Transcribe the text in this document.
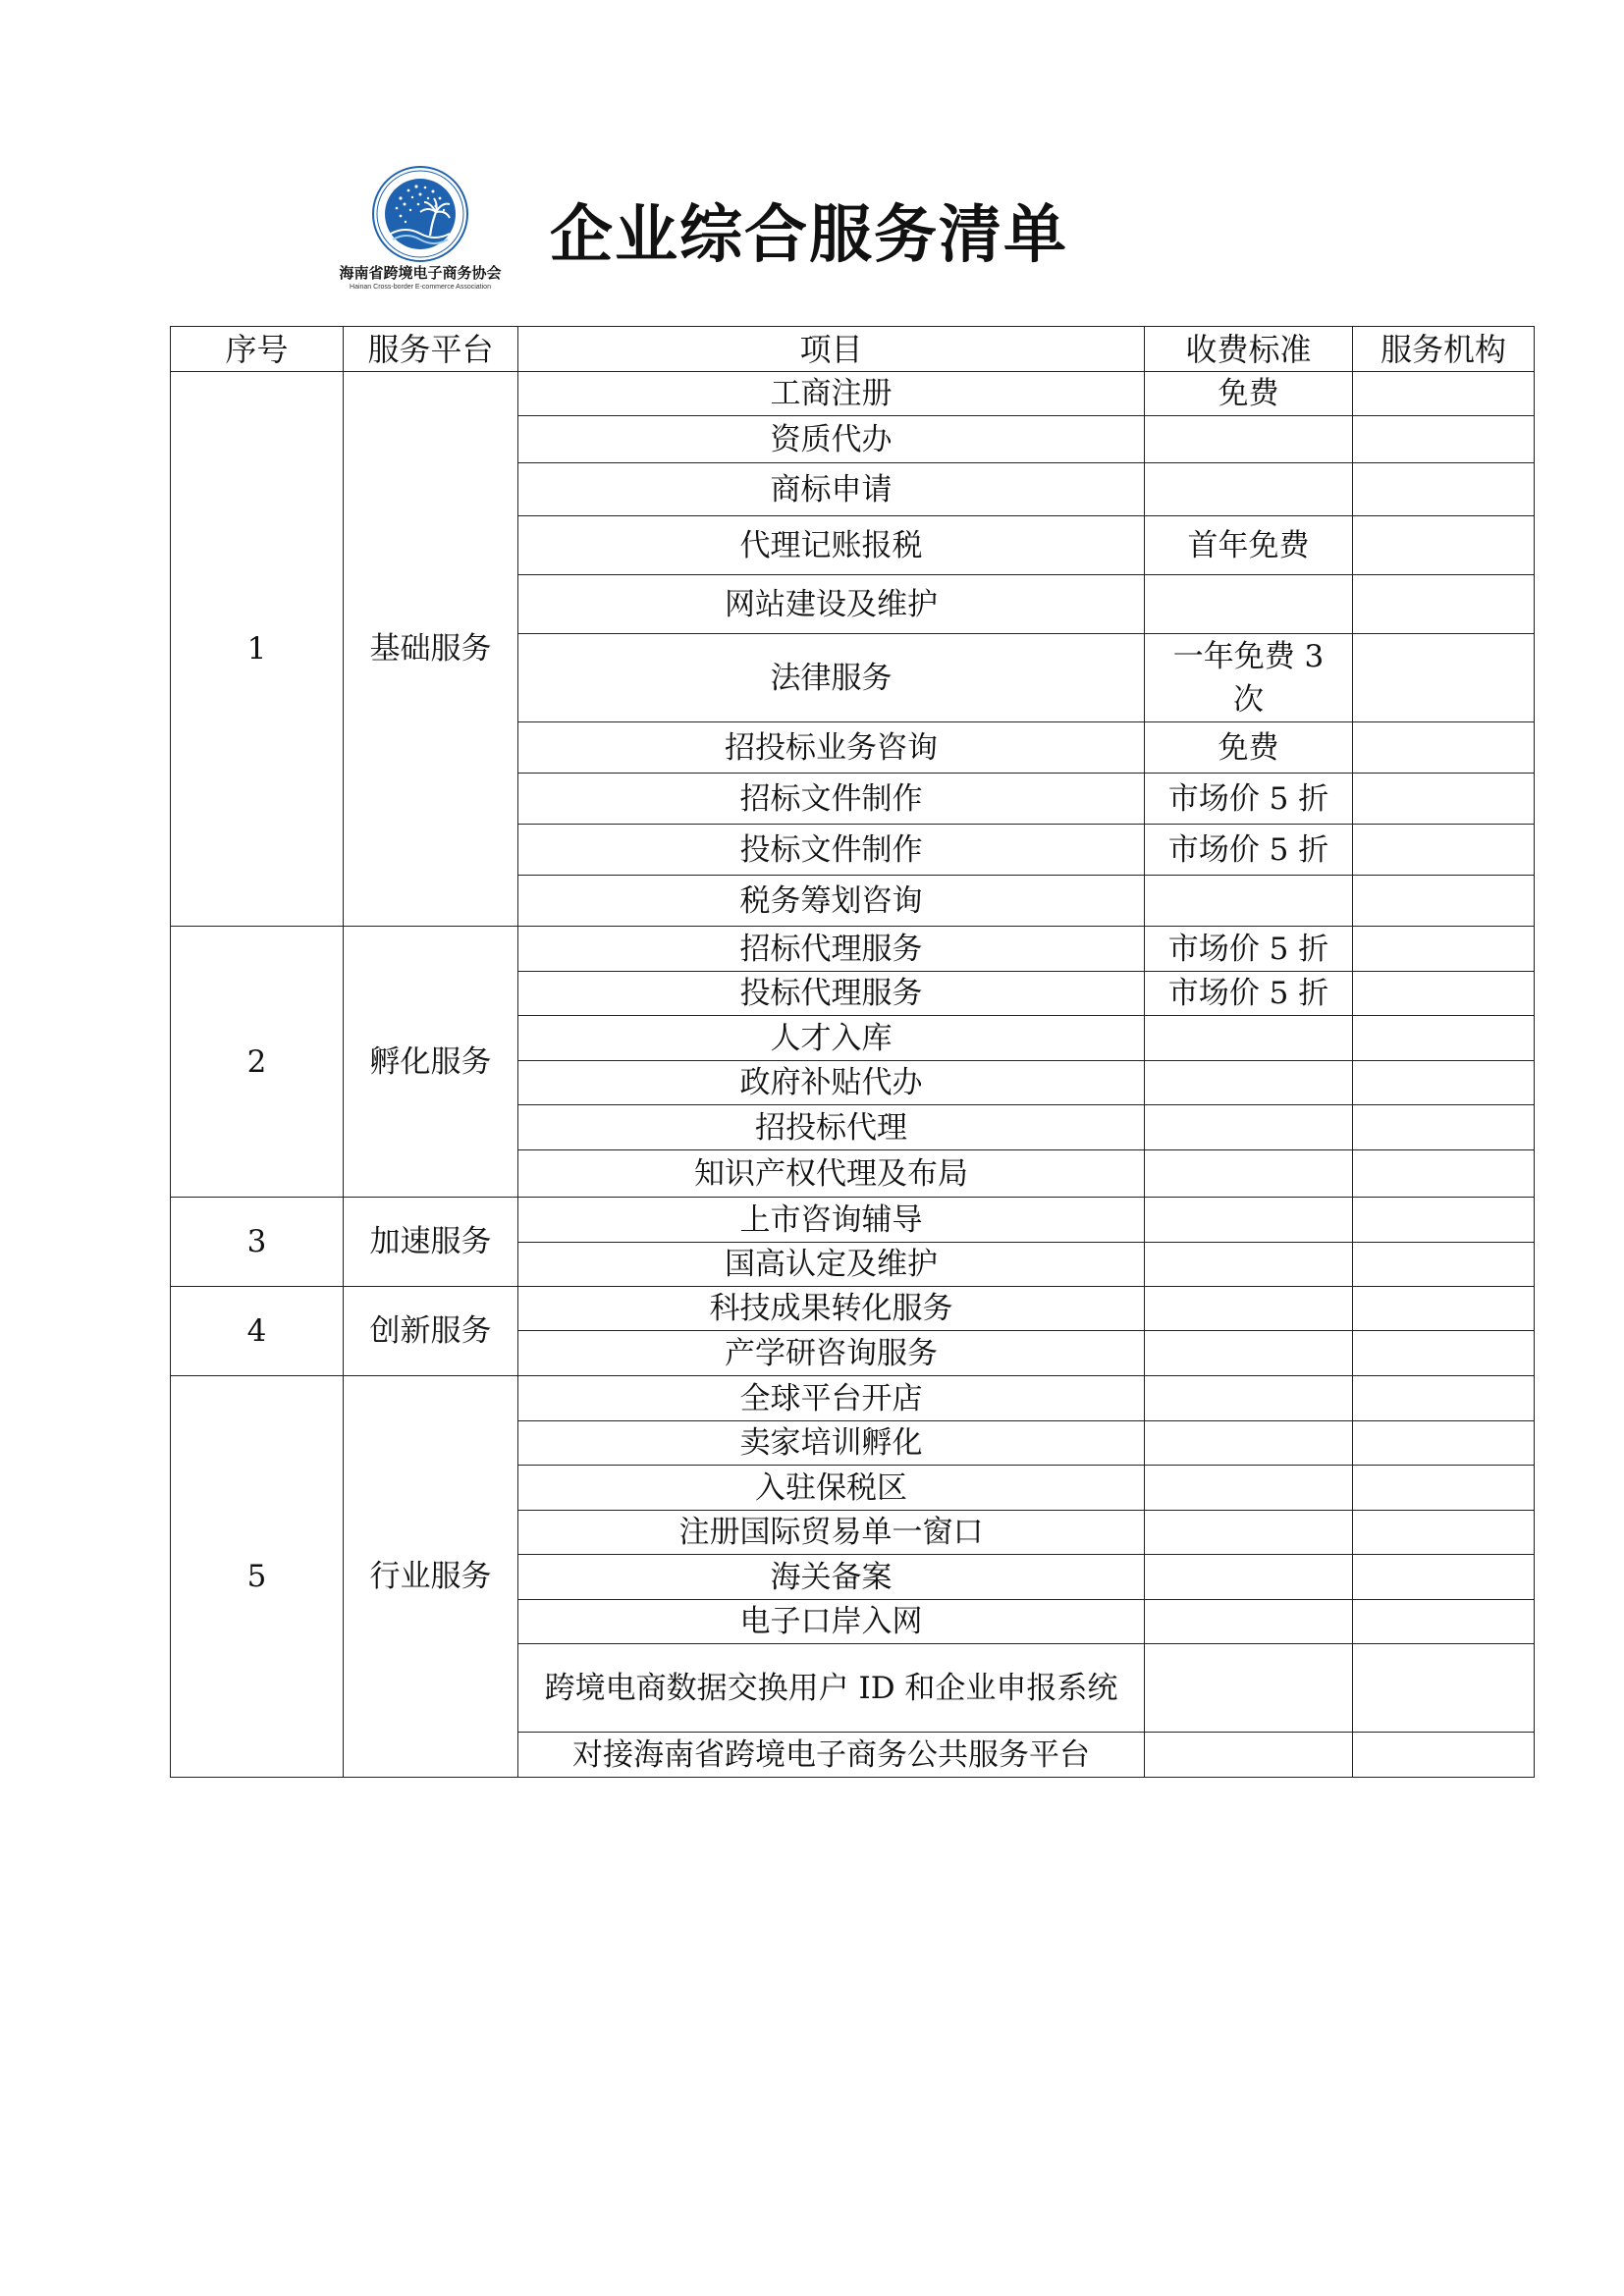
海南省跨境电子商务协会
Hainan Cross-border E-commerce Association
企业综合服务清单
序号	服务平台	项目	收费标准	服务机构
1	基础服务	工商注册	免费	
		资质代办		
		商标申请		
		代理记账报税	首年免费	
		网站建设及维护		
		法律服务	一年免费 3 次	
		招投标业务咨询	免费	
		招标文件制作	市场价 5 折	
		投标文件制作	市场价 5 折	
		税务筹划咨询		
2	孵化服务	招标代理服务	市场价 5 折	
		投标代理服务	市场价 5 折	
		人才入库		
		政府补贴代办		
		招投标代理		
		知识产权代理及布局		
3	加速服务	上市咨询辅导		
		国高认定及维护		
4	创新服务	科技成果转化服务		
		产学研咨询服务		
5	行业服务	全球平台开店		
		卖家培训孵化		
		入驻保税区		
		注册国际贸易单一窗口		
		海关备案		
		电子口岸入网		
		跨境电商数据交换用户 ID 和企业申报系统		
		对接海南省跨境电子商务公共服务平台		
